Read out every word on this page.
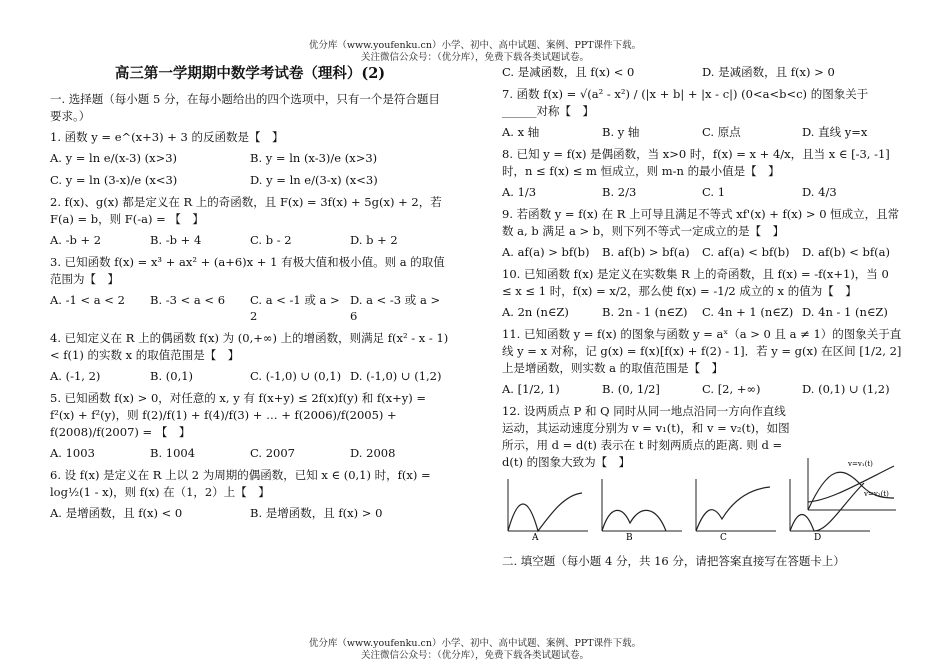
优分库（www.youfenku.cn）小学、初中、高中试题、案例、PPT课件下载。
关注微信公众号：（优分库），免费下载各类试题试卷。
高三第一学期期中数学考试卷（理科）(2)
一. 选择题（每小题 5 分，在每小题给出的四个选项中，只有一个是符合题目要求。）
1. 函数 y = e^(x+3) + 3 的反函数是【　】
A. y = ln e/(x-3) (x>3)	B. y = ln (x-3)/e (x>3)
C. y = ln (3-x)/e (x<3)	D. y = ln e/(3-x) (x<3)
2. f(x)、g(x) 都是定义在 R 上的奇函数，且 F(x) = 3f(x) + 5g(x) + 2，若 F(a) = b，则 F(-a) = 【　】
A. -b + 2	B. -b + 4	C. b - 2	D. b + 2
3. 已知函数 f(x) = x³ + ax² + (a+6)x + 1 有极大值和极小值。则 a 的取值范围为【　】
A. -1 < a < 2	B. -3 < a < 6	C. a < -1 或 a > 2
D. a < -3 或 a > 6
4. 已知定义在 R 上的偶函数 f(x) 为 (0,+∞) 上的增函数，则满足 f(x² - x - 1) < f(1) 的实数 x 的取值范围是【　】
A. (-1, 2)	B. (0,1)	C. (-1,0) ∪ (0,1) D. (-1,0) ∪ (1,2)
5. 已知函数 f(x) > 0，对任意的 x, y 有 f(x+y) ≤ 2f(x)f(y) 和 f(x+y) = f²(x) + f²(y)，则 f(2)/f(1) + f(4)/f(3) + … + f(2006)/f(2005) + f(2008)/f(2007) = 【　】
A. 1003	B. 1004	C. 2007	D. 2008
6. 设 f(x) 是定义在 R 上以 2 为周期的偶函数，已知 x ∈ (0,1) 时，f(x) = log½(1 - x)，则 f(x) 在（1，2）上【　】
A. 是增函数，且 f(x) < 0	B. 是增函数，且 f(x) > 0
C. 是减函数，且 f(x) < 0	D. 是减函数，且 f(x) > 0
7. 函数 f(x) = √(a² - x²) / (|x + b| + |x - c|) (0<a<b<c) 的图象关于______对称【　】
A. x 轴	B. y 轴	C. 原点	D. 直线 y=x
8. 已知 y = f(x) 是偶函数，当 x>0 时，f(x) = x + 4/x，且当 x ∈ [-3, -1] 时，n ≤ f(x) ≤ m 恒成立，则 m-n 的最小值是【　】
A. 1/3	B. 2/3	C. 1	D. 4/3
9. 若函数 y = f(x) 在 R 上可导且满足不等式 xf'(x) + f(x) > 0 恒成立，且常数 a, b 满足 a > b，则下列不等式一定成立的是【　】
A. af(a) > bf(b)	B. af(b) > bf(a)	C. af(a) < bf(b)	D. af(b) < bf(a)
10. 已知函数 f(x) 是定义在实数集 R 上的奇函数，且 f(x) = -f(x+1)，当 0 ≤ x ≤ 1 时，f(x) = x/2，那么使 f(x) = -1/2 成立的 x 的值为【　】
A. 2n (n∈Z)	B. 2n - 1 (n∈Z)	C. 4n + 1 (n∈Z) D. 4n - 1 (n∈Z)
11. 已知函数 y = f(x) 的图象与函数 y = aˣ（a > 0 且 a ≠ 1）的图象关于直线 y = x 对称，记 g(x) = f(x)[f(x) + f(2) - 1]．若 y = g(x) 在区间 [1/2, 2] 上是增函数，则实数 a 的取值范围是【　】
A. [1/2, 1)	B. (0, 1/2]	C. [2, +∞)	D. (0,1) ∪ (1,2)
12. 设两质点 P 和 Q 同时从同一地点沿同一方向作直线运动，其运动速度分别为 v = v₁(t)，和 v = v₂(t)，如图所示，用 d = d(t) 表示在 t 时刻两质点的距离. 则 d = d(t) 的图象大致为【　】
A	B	C	D
二. 填空题（每小题 4 分，共 16 分，请把答案直接写在答题卡上）
v=v₁(t)
v=v₂(t)
优分库（www.youfenku.cn）小学、初中、高中试题、案例、PPT课件下载。
关注微信公众号：（优分库），免费下载各类试题试卷。
